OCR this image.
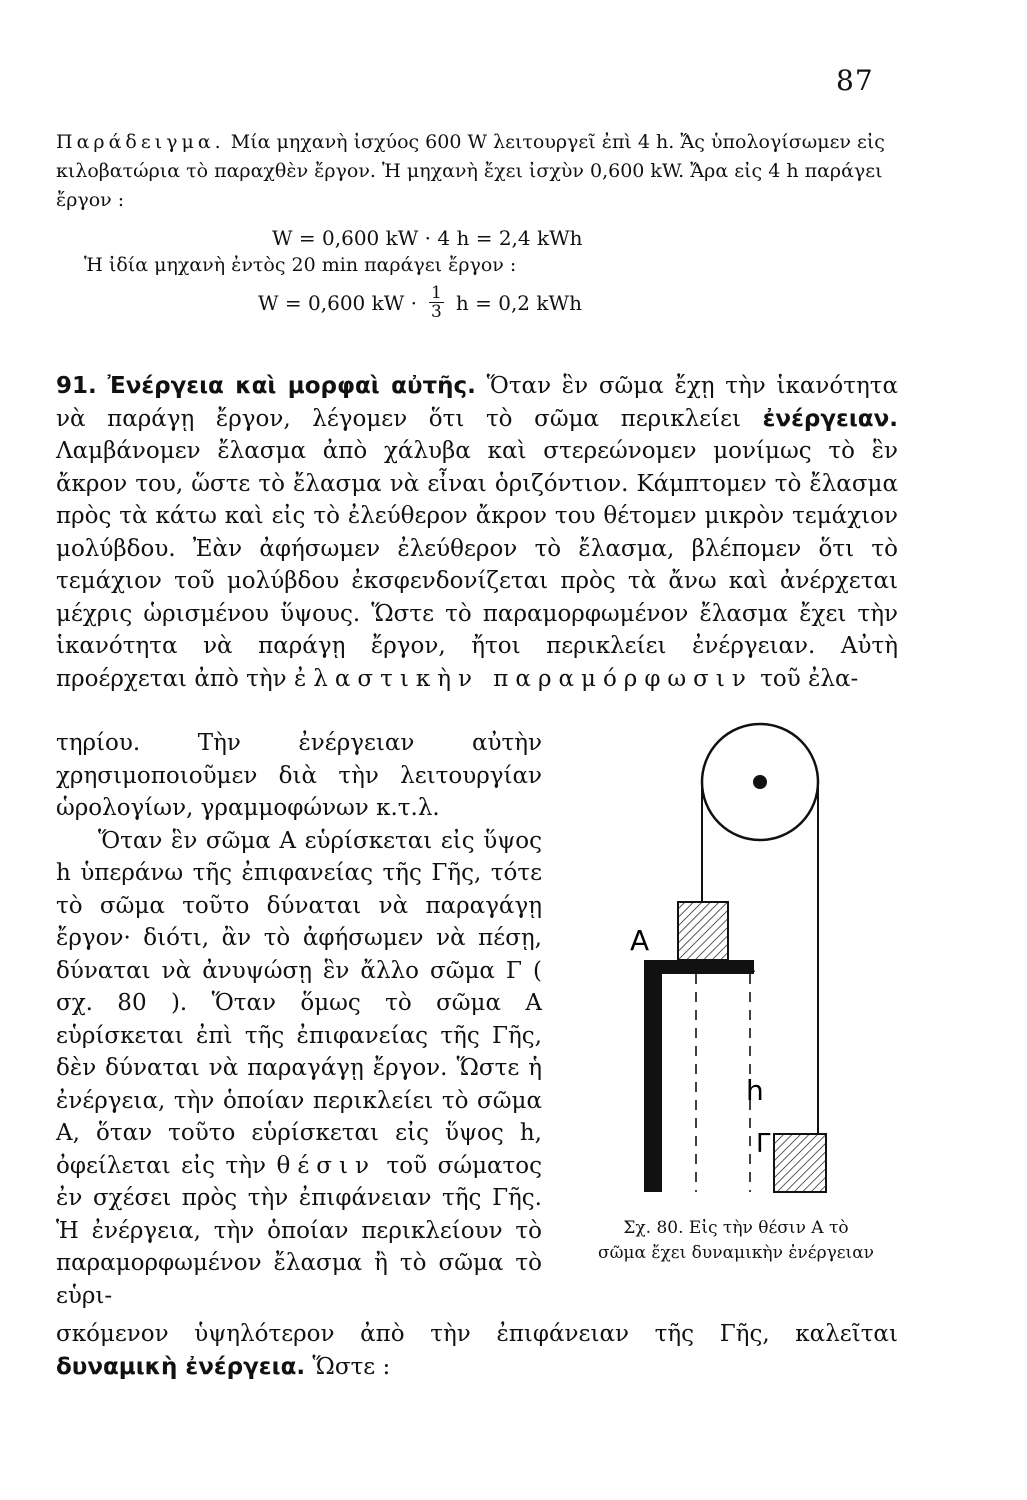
87

Παράδειγμα. Μία μηχανὴ ἰσχύος 600 W λειτουργεῖ ἐπὶ 4 h. Ἄς ὑπολογίσωμεν εἰς κιλοβατώρια τὸ παραχθὲν ἔργον. Ἡ μηχανὴ ἔχει ἰσχὺν 0,600 kW. Ἄρα εἰς 4 h παράγει ἔργον :

W = 0,600 kW · 4 h = 2,4 kWh
Ἡ ἰδία μηχανὴ ἐντὸς 20 min παράγει ἔργον :
W = 0,600 kW · $\frac{1}{3}$ h = 0,2 kWh

91. Ἐνέργεια καὶ μορφαὶ αὐτῆς. Ὅταν ἓν σῶμα ἔχῃ τὴν ἱκανότητα νὰ παράγῃ ἔργον, λέγομεν ὅτι τὸ σῶμα περικλείει ἐνέργειαν. Λαμβάνομεν ἔλασμα ἀπὸ χάλυβα καὶ στερεώνομεν μονίμως τὸ ἓν ἄκρον του, ὥστε τὸ ἔλασμα νὰ εἶναι ὁριζόντιον. Κάμπτομεν τὸ ἔλασμα πρὸς τὰ κάτω καὶ εἰς τὸ ἐλεύθερον ἄκρον του θέτομεν μικρὸν τεμάχιον μολύβδου. Ἐὰν ἀφήσωμεν ἐλεύθερον τὸ ἔλασμα, βλέπομεν ὅτι τὸ τεμάχιον τοῦ μολύβδου ἐκσφενδονίζεται πρὸς τὰ ἄνω καὶ ἀνέρχεται μέχρις ὡρισμένου ὕψους. Ὥστε τὸ παραμορφωμένον ἔλασμα ἔχει τὴν ἱκανότητα νὰ παράγῃ ἔργον, ἤτοι περικλείει ἐνέργειαν. Αὐτὴ προέρχεται ἀπὸ τὴν ἐλαστικὴν παραμόρφωσιν τοῦ ἐλα-

τηρίου. Τὴν ἐνέργειαν αὐτὴν χρησιμοποιοῦμεν διὰ τὴν λειτουργίαν ὡρολογίων, γραμμοφώνων κ.τ.λ.

Ὅταν ἓν σῶμα Α εὑρίσκεται εἰς ὕψος h ὑπεράνω τῆς ἐπιφανείας τῆς Γῆς, τότε τὸ σῶμα τοῦτο δύναται νὰ παραγάγῃ ἔργον· διότι, ἂν τὸ ἀφήσωμεν νὰ πέσῃ, δύναται νὰ ἀνυψώσῃ ἓν ἄλλο σῶμα Γ ( σχ. 80 ). Ὅταν ὅμως τὸ σῶμα Α εὑρίσκεται ἐπὶ τῆς ἐπιφανείας τῆς Γῆς, δὲν δύναται νὰ παραγάγῃ ἔργον. Ὥστε ἡ ἐνέργεια, τὴν ὁποίαν περικλείει τὸ σῶμα Α, ὅταν τοῦτο εὑρίσκεται εἰς ὕψος h, ὀφείλεται εἰς τὴν θέσιν τοῦ σώματος ἐν σχέσει πρὸς τὴν ἐπιφάνειαν τῆς Γῆς. Ἡ ἐνέργεια, τὴν ὁποίαν περικλείουν τὸ παραμορφωμένον ἔλασμα ἢ τὸ σῶμα τὸ εὑρι-

σκόμενον ὑψηλότερον ἀπὸ τὴν ἐπιφάνειαν τῆς Γῆς, καλεῖται δυναμικὴ ἐνέργεια. Ὥστε :

A
h
Γ

Σχ. 80. Εἰς τὴν θέσιν Α τὸ

σῶμα ἔχει δυναμικὴν ἐνέργειαν
